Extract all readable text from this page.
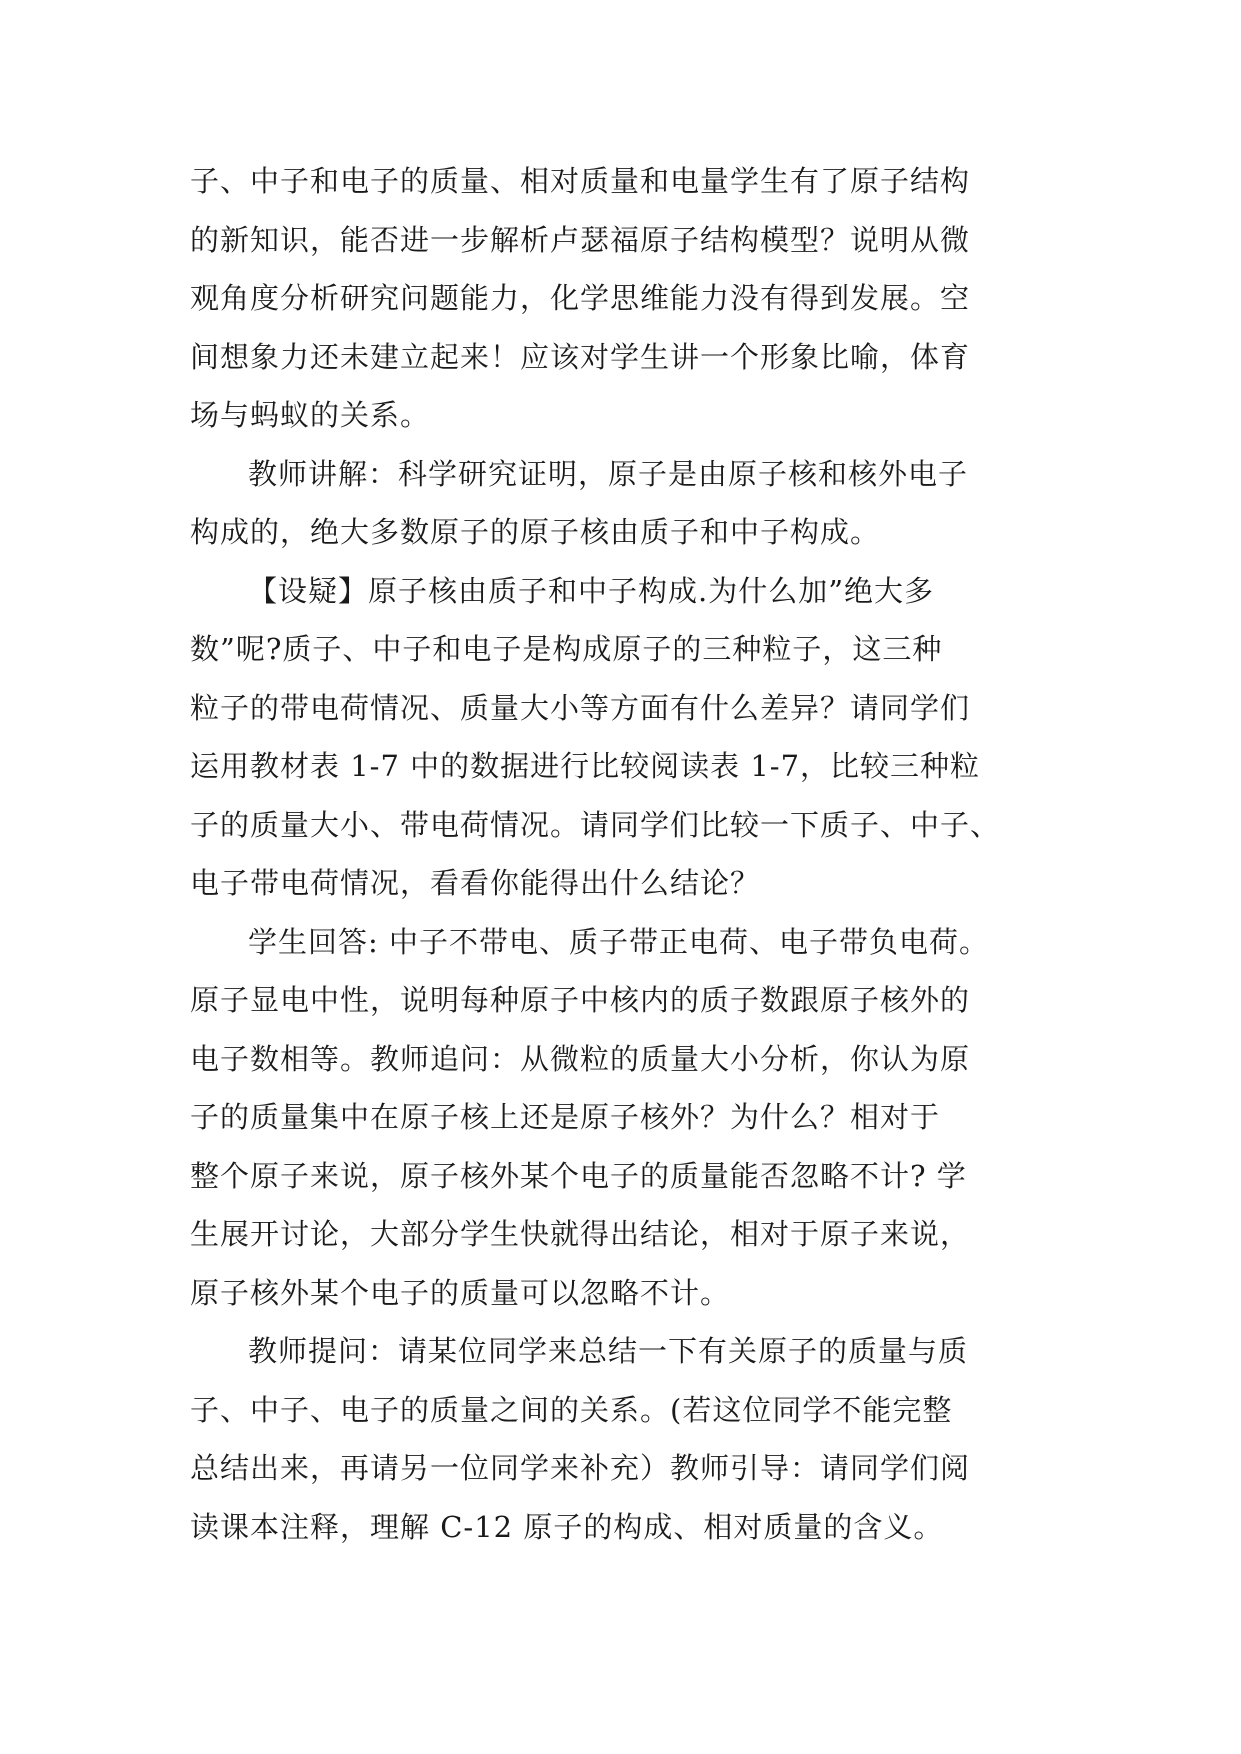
子、中子和电子的质量、相对质量和电量学生有了原子结构
的新知识，能否进一步解析卢瑟福原子结构模型？说明从微
观角度分析研究问题能力，化学思维能力没有得到发展。空
间想象力还未建立起来！应该对学生讲一个形象比喻，体育
场与蚂蚁的关系。
教师讲解：科学研究证明，原子是由原子核和核外电子
构成的，绝大多数原子的原子核由质子和中子构成。
【设疑】原子核由质子和中子构成.为什么加”绝大多
数”呢?质子、中子和电子是构成原子的三种粒子，这三种
粒子的带电荷情况、质量大小等方面有什么差异？请同学们
运用教材表 1-7 中的数据进行比较阅读表 1-7，比较三种粒
子的质量大小、带电荷情况。请同学们比较一下质子、中子、
电子带电荷情况，看看你能得出什么结论？
学生回答: 中子不带电、质子带正电荷、电子带负电荷。
原子显电中性，说明每种原子中核内的质子数跟原子核外的
电子数相等。教师追问：从微粒的质量大小分析，你认为原
子的质量集中在原子核上还是原子核外？为什么？相对于
整个原子来说，原子核外某个电子的质量能否忽略不计? 学
生展开讨论，大部分学生快就得出结论，相对于原子来说，
原子核外某个电子的质量可以忽略不计。
教师提问：请某位同学来总结一下有关原子的质量与质
子、中子、电子的质量之间的关系。(若这位同学不能完整
总结出来，再请另一位同学来补充）教师引导：请同学们阅
读课本注释，理解 C-12 原子的构成、相对质量的含义。
